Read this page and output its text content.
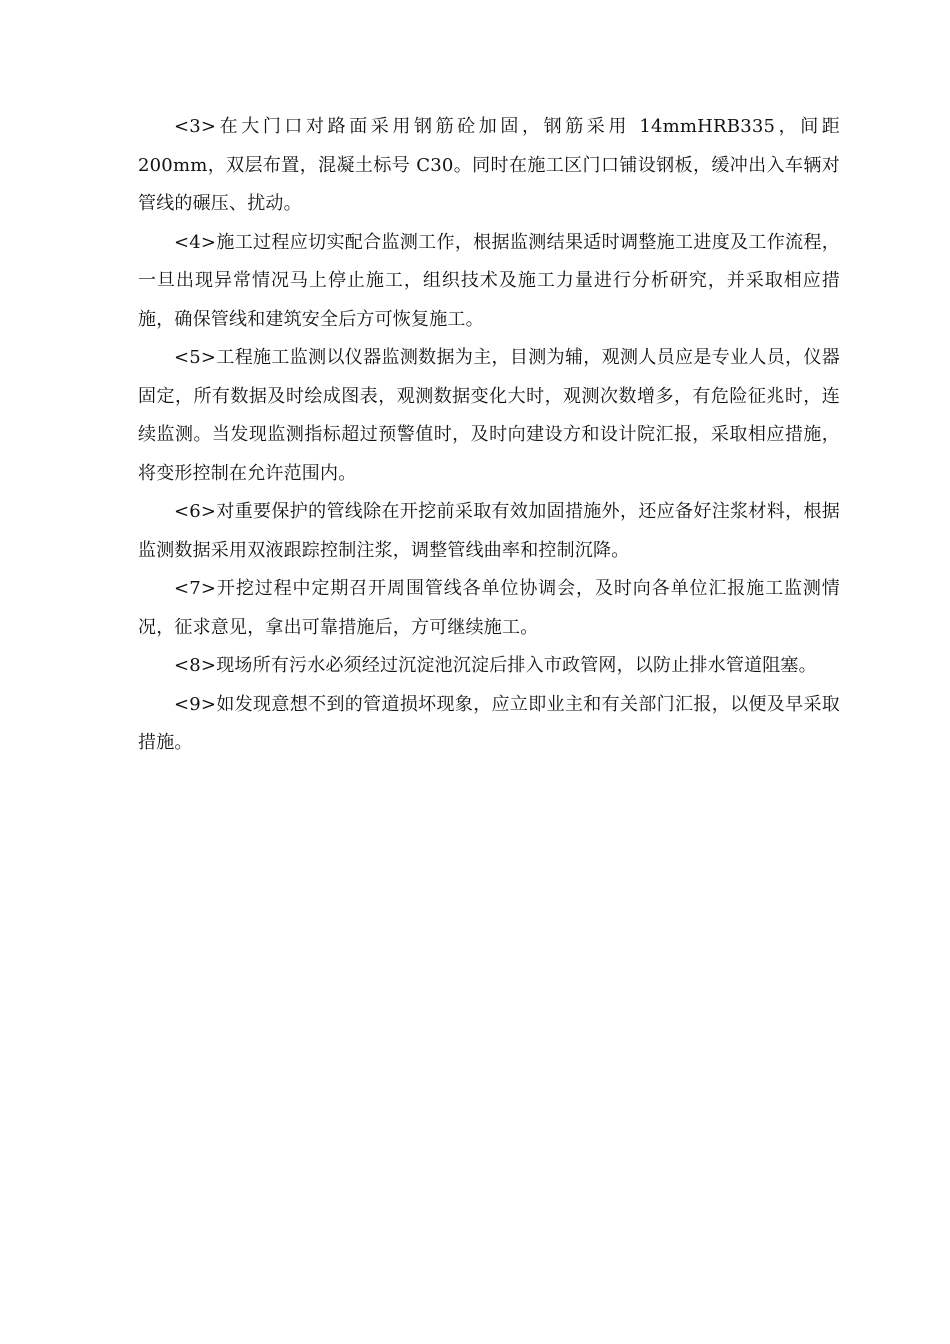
<3>在大门口对路面采用钢筋砼加固，钢筋采用 14mmHRB335，间距 200mm，双层布置，混凝土标号 C30。同时在施工区门口铺设钢板，缓冲出入车辆对管线的碾压、扰动。

<4>施工过程应切实配合监测工作，根据监测结果适时调整施工进度及工作流程，一旦出现异常情况马上停止施工，组织技术及施工力量进行分析研究，并采取相应措施，确保管线和建筑安全后方可恢复施工。

<5>工程施工监测以仪器监测数据为主，目测为辅，观测人员应是专业人员，仪器固定，所有数据及时绘成图表，观测数据变化大时，观测次数增多，有危险征兆时，连续监测。当发现监测指标超过预警值时，及时向建设方和设计院汇报，采取相应措施，将变形控制在允许范围内。

<6>对重要保护的管线除在开挖前采取有效加固措施外，还应备好注浆材料，根据监测数据采用双液跟踪控制注浆，调整管线曲率和控制沉降。

<7>开挖过程中定期召开周围管线各单位协调会，及时向各单位汇报施工监测情况，征求意见，拿出可靠措施后，方可继续施工。

<8>现场所有污水必须经过沉淀池沉淀后排入市政管网，以防止排水管道阻塞。

<9>如发现意想不到的管道损坏现象，应立即业主和有关部门汇报，以便及早采取措施。
